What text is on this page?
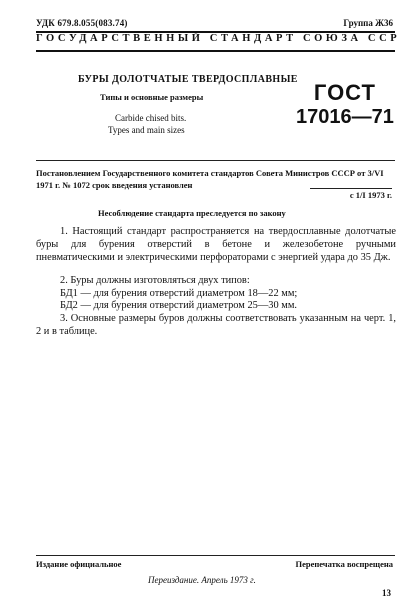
УДК 679.8.055(083.74)	Группа Ж36
ГОСУДАРСТВЕННЫЙ СТАНДАРТ СОЮЗА ССР
БУРЫ ДОЛОТЧАТЫЕ ТВЕРДОСПЛАВНЫЕ
Типы и основные размеры
Carbide chised bits.
Types and main sizes
ГОСТ
17016—71
Постановлением Государственного комитета стандартов Совета Министров СССР от 3/VI 1971 г. № 1072 срок введения установлен
с 1/I 1973 г.
Несоблюдение стандарта преследуется по закону
1. Настоящий стандарт распространяется на твердосплавные долотчатые буры для бурения отверстий в бетоне и железобетоне ручными пневматическими и электрическими перфораторами с энергией удара до 35 Дж.
2. Буры должны изготовляться двух типов:
БД1 — для бурения отверстий диаметром 18—22 мм;
БД2 — для бурения отверстий диаметром 25—30 мм.
3. Основные размеры буров должны соответствовать указанным на черт. 1, 2 и в таблице.
Издание официальное	Перепечатка воспрещена
Переиздание. Апрель 1973 г.
13
